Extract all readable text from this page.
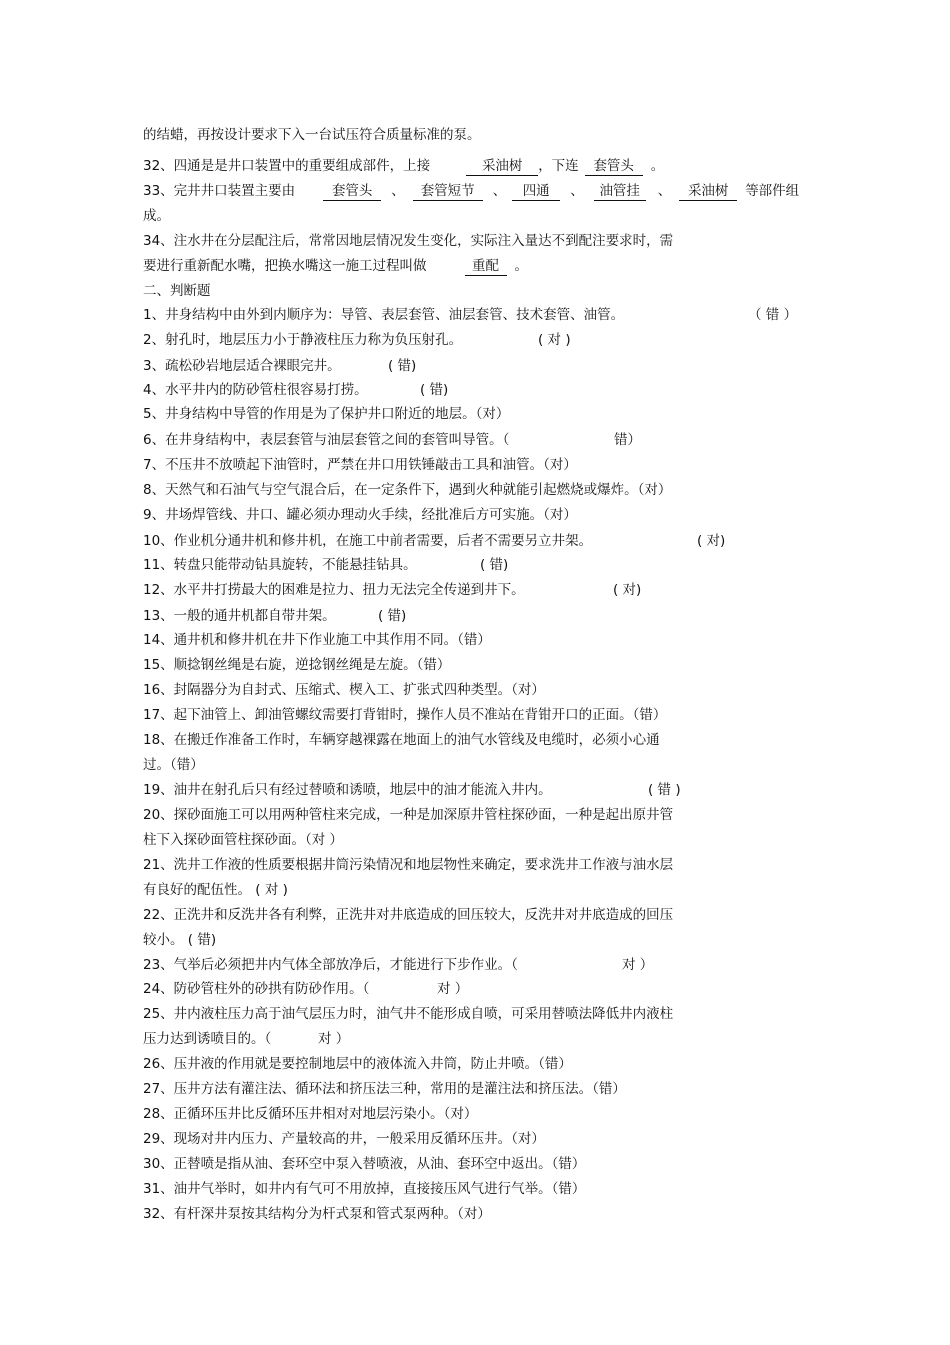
的结蜡，再按设计要求下入一台试压符合质量标准的泵。
32、四通是是井口装置中的重要组成部件，上接	采油树 ，下连 套管头 。
33、完井井口装置主要由	套管头 、 套管短节 、 四通 、 油管挂 、 采油树 等部件组
成。
34、注水井在分层配注后，常常因地层情况发生变化，实际注入量达不到配注要求时，需
要进行重新配水嘴，把换水嘴这一施工过程叫做	重配 。
二、判断题
1、井身结构中由外到内顺序为：导管、表层套管、油层套管、技术套管、油管。	（ 错 ）
2、射孔时，地层压力小于静液柱压力称为负压射孔。	( 对 )
3、疏松砂岩地层适合裸眼完井。	( 错)
4、水平井内的防砂管柱很容易打捞。	( 错)
5、井身结构中导管的作用是为了保护井口附近的地层。（对）
6、在井身结构中，表层套管与油层套管之间的套管叫导管。（	错）
7、不压井不放喷起下油管时，严禁在井口用铁锤敲击工具和油管。（对）
8、天然气和石油气与空气混合后，在一定条件下，遇到火种就能引起燃烧或爆炸。（对）
9、井场焊管线、井口、罐必须办理动火手续，经批准后方可实施。（对）
10、作业机分通井机和修井机，在施工中前者需要，后者不需要另立井架。	( 对)
11、转盘只能带动钻具旋转，不能悬挂钻具。	( 错)
12、水平井打捞最大的困难是拉力、扭力无法完全传递到井下。	( 对)
13、一般的通井机都自带井架。	( 错)
14、通井机和修井机在井下作业施工中其作用不同。（错）
15、顺捻钢丝绳是右旋，逆捻钢丝绳是左旋。（错）
16、封隔器分为自封式、压缩式、楔入工、扩张式四种类型。（对）
17、起下油管上、卸油管螺纹需要打背钳时，操作人员不准站在背钳开口的正面。（错）
18、在搬迁作准备工作时，车辆穿越裸露在地面上的油气水管线及电缆时，必须小心通
过。（错）
19、油井在射孔后只有经过替喷和诱喷，地层中的油才能流入井内。	( 错 )
20、探砂面施工可以用两种管柱来完成，一种是加深原井管柱探砂面，一种是起出原井管
柱下入探砂面管柱探砂面。（对 ）
21、洗井工作液的性质要根据井筒污染情况和地层物性来确定，要求洗井工作液与油水层
有良好的配伍性。 ( 对 )
22、正洗井和反洗井各有利弊，正洗井对井底造成的回压较大，反洗井对井底造成的回压
较小。 ( 错)
23、气举后必须把井内气体全部放净后，才能进行下步作业。（	对 ）
24、防砂管柱外的砂拱有防砂作用。（	对 ）
25、井内液柱压力高于油气层压力时，油气井不能形成自喷，可采用替喷法降低井内液柱
压力达到诱喷目的。（	对 ）
26、压井液的作用就是要控制地层中的液体流入井筒，防止井喷。（错）
27、压井方法有灌注法、循环法和挤压法三种，常用的是灌注法和挤压法。（错）
28、正循环压井比反循环压井相对对地层污染小。（对）
29、现场对井内压力、产量较高的井，一般采用反循环压井。（对）
30、正替喷是指从油、套环空中泵入替喷液，从油、套环空中返出。（错）
31、油井气举时，如井内有气可不用放掉，直接接压风气进行气举。（错）
32、有杆深井泵按其结构分为杆式泵和管式泵两种。（对）
